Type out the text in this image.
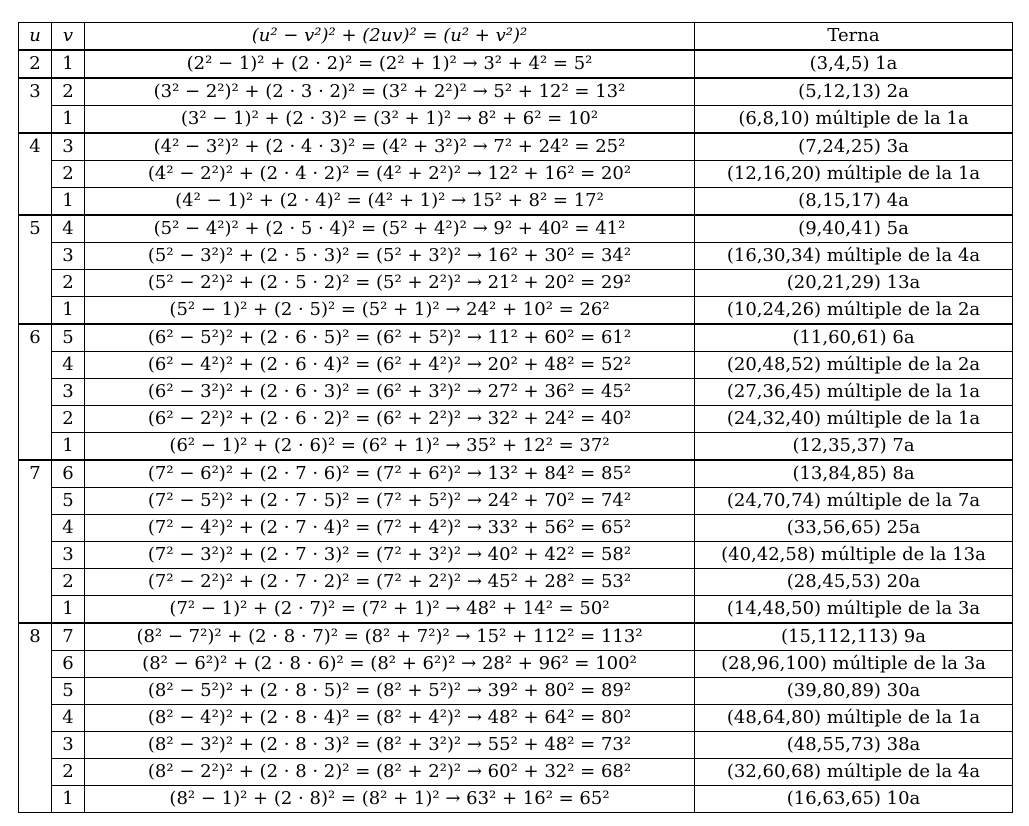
u	v	(u² − v²)² + (2uv)² = (u² + v²)²	Terna
2	1	(2² − 1)² + (2 · 2)² = (2² + 1)² → 3² + 4² = 5²	(3,4,5) 1a
3	2	(3² − 2²)² + (2 · 3 · 2)² = (3² + 2²)² → 5² + 12² = 13²	(5,12,13) 2a
	1	(3² − 1)² + (2 · 3)² = (3² + 1)² → 8² + 6² = 10²	(6,8,10) múltiple de la 1a
4	3	(4² − 3²)² + (2 · 4 · 3)² = (4² + 3²)² → 7² + 24² = 25²	(7,24,25) 3a
	2	(4² − 2²)² + (2 · 4 · 2)² = (4² + 2²)² → 12² + 16² = 20²	(12,16,20) múltiple de la 1a
	1	(4² − 1)² + (2 · 4)² = (4² + 1)² → 15² + 8² = 17²	(8,15,17) 4a
5	4	(5² − 4²)² + (2 · 5 · 4)² = (5² + 4²)² → 9² + 40² = 41²	(9,40,41) 5a
	3	(5² − 3²)² + (2 · 5 · 3)² = (5² + 3²)² → 16² + 30² = 34²	(16,30,34) múltiple de la 4a
	2	(5² − 2²)² + (2 · 5 · 2)² = (5² + 2²)² → 21² + 20² = 29²	(20,21,29) 13a
	1	(5² − 1)² + (2 · 5)² = (5² + 1)² → 24² + 10² = 26²	(10,24,26) múltiple de la 2a
6	5	(6² − 5²)² + (2 · 6 · 5)² = (6² + 5²)² → 11² + 60² = 61²	(11,60,61) 6a
	4	(6² − 4²)² + (2 · 6 · 4)² = (6² + 4²)² → 20² + 48² = 52²	(20,48,52) múltiple de la 2a
	3	(6² − 3²)² + (2 · 6 · 3)² = (6² + 3²)² → 27² + 36² = 45²	(27,36,45) múltiple de la 1a
	2	(6² − 2²)² + (2 · 6 · 2)² = (6² + 2²)² → 32² + 24² = 40²	(24,32,40) múltiple de la 1a
	1	(6² − 1)² + (2 · 6)² = (6² + 1)² → 35² + 12² = 37²	(12,35,37) 7a
7	6	(7² − 6²)² + (2 · 7 · 6)² = (7² + 6²)² → 13² + 84² = 85²	(13,84,85) 8a
	5	(7² − 5²)² + (2 · 7 · 5)² = (7² + 5²)² → 24² + 70² = 74²	(24,70,74) múltiple de la 7a
	4	(7² − 4²)² + (2 · 7 · 4)² = (7² + 4²)² → 33² + 56² = 65²	(33,56,65) 25a
	3	(7² − 3²)² + (2 · 7 · 3)² = (7² + 3²)² → 40² + 42² = 58²	(40,42,58) múltiple de la 13a
	2	(7² − 2²)² + (2 · 7 · 2)² = (7² + 2²)² → 45² + 28² = 53²	(28,45,53) 20a
	1	(7² − 1)² + (2 · 7)² = (7² + 1)² → 48² + 14² = 50²	(14,48,50) múltiple de la 3a
8	7	(8² − 7²)² + (2 · 8 · 7)² = (8² + 7²)² → 15² + 112² = 113²	(15,112,113) 9a
	6	(8² − 6²)² + (2 · 8 · 6)² = (8² + 6²)² → 28² + 96² = 100²	(28,96,100) múltiple de la 3a
	5	(8² − 5²)² + (2 · 8 · 5)² = (8² + 5²)² → 39² + 80² = 89²	(39,80,89) 30a
	4	(8² − 4²)² + (2 · 8 · 4)² = (8² + 4²)² → 48² + 64² = 80²	(48,64,80) múltiple de la 1a
	3	(8² − 3²)² + (2 · 8 · 3)² = (8² + 3²)² → 55² + 48² = 73²	(48,55,73) 38a
	2	(8² − 2²)² + (2 · 8 · 2)² = (8² + 2²)² → 60² + 32² = 68²	(32,60,68) múltiple de la 4a
	1	(8² − 1)² + (2 · 8)² = (8² + 1)² → 63² + 16² = 65²	(16,63,65) 10a
